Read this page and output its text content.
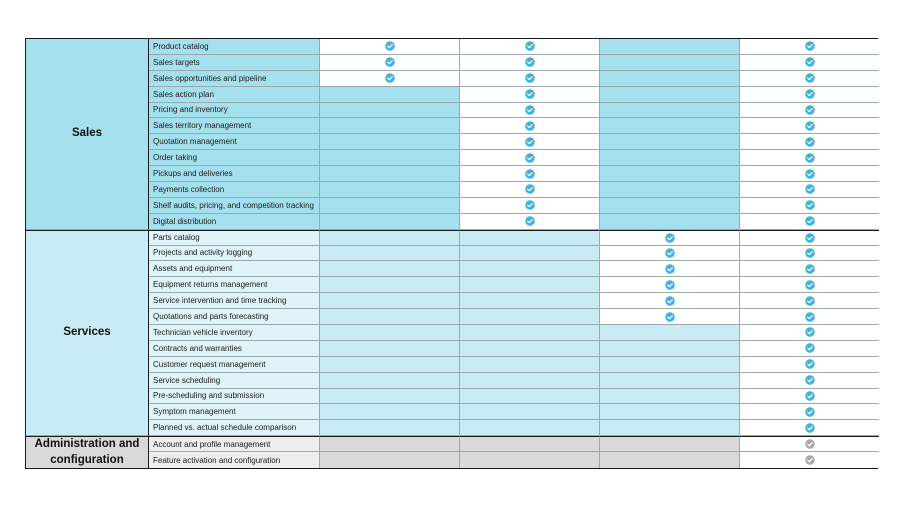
Sales
Product catalog
Sales targets
Sales opportunities and pipeline
Sales action plan
Pricing and inventory
Sales territory management
Quotation management
Order taking
Pickups and deliveries
Payments collection
Shelf audits, pricing, and competition tracking
Digital distribution
Services
Parts catalog
Projects and activity logging
Assets and equipment
Equipment returns management
Service intervention and time tracking
Quotations and parts forecasting
Technician vehicle inventory
Contracts and warranties
Customer request management
Service scheduling
Pre-scheduling and submission
Symptom management
Planned vs. actual schedule comparison
Administration and configuration
Account and profile management
Feature activation and configuration
